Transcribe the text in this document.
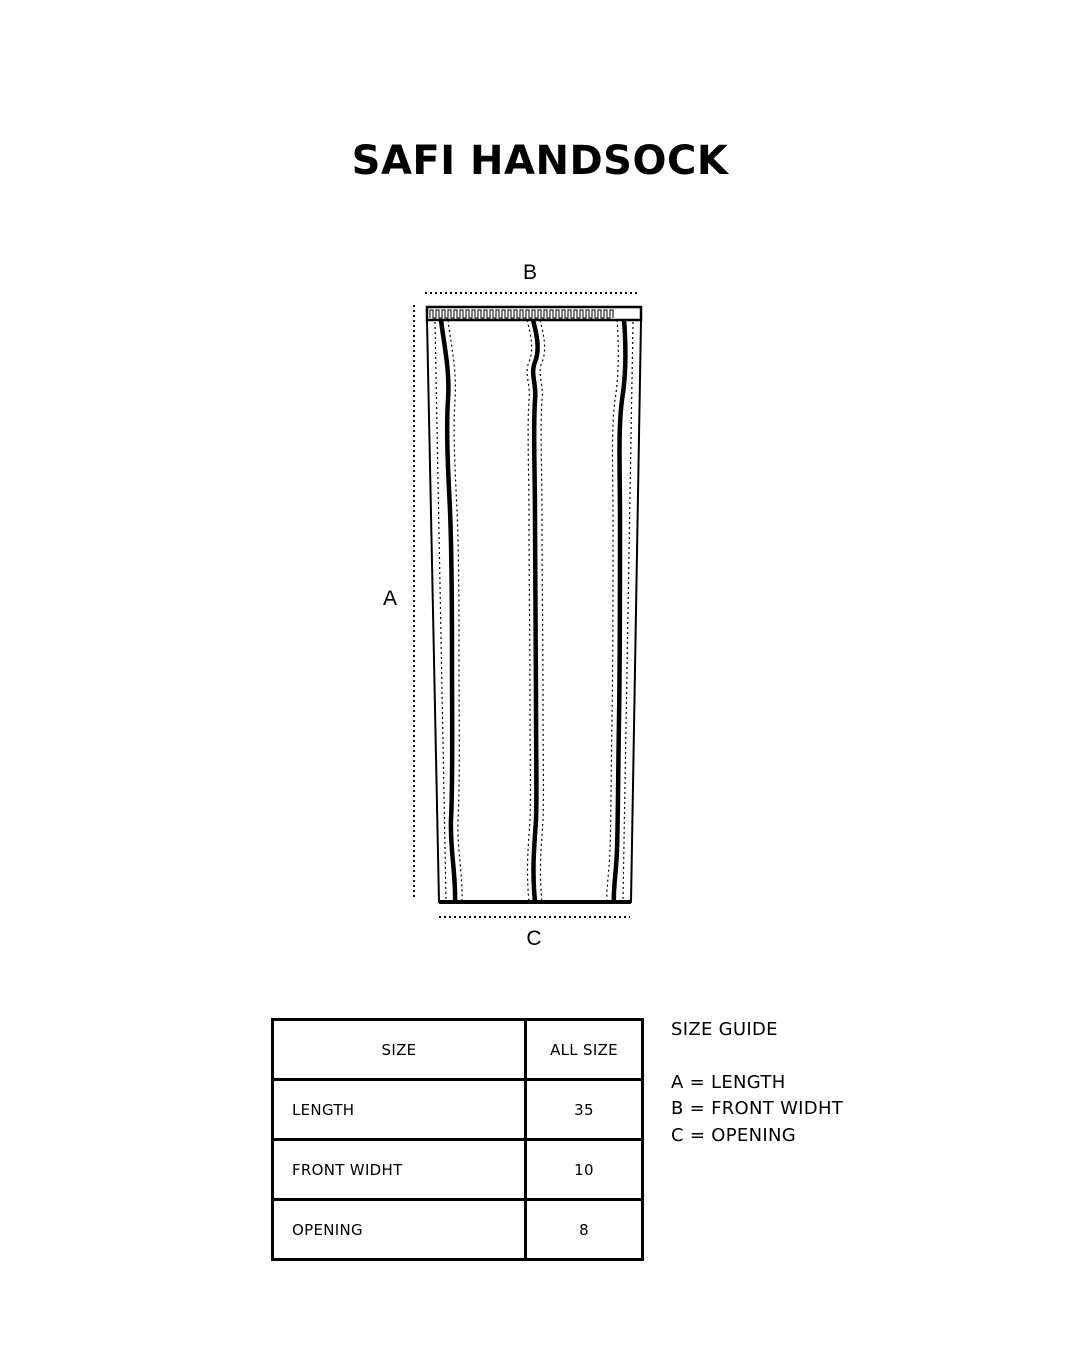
SAFI HANDSOCK
B
A
C
SIZE	ALL SIZE
LENGTH	35
FRONT WIDHT	10
OPENING	8
SIZE GUIDE
A = LENGTH
B = FRONT WIDHT
C = OPENING
